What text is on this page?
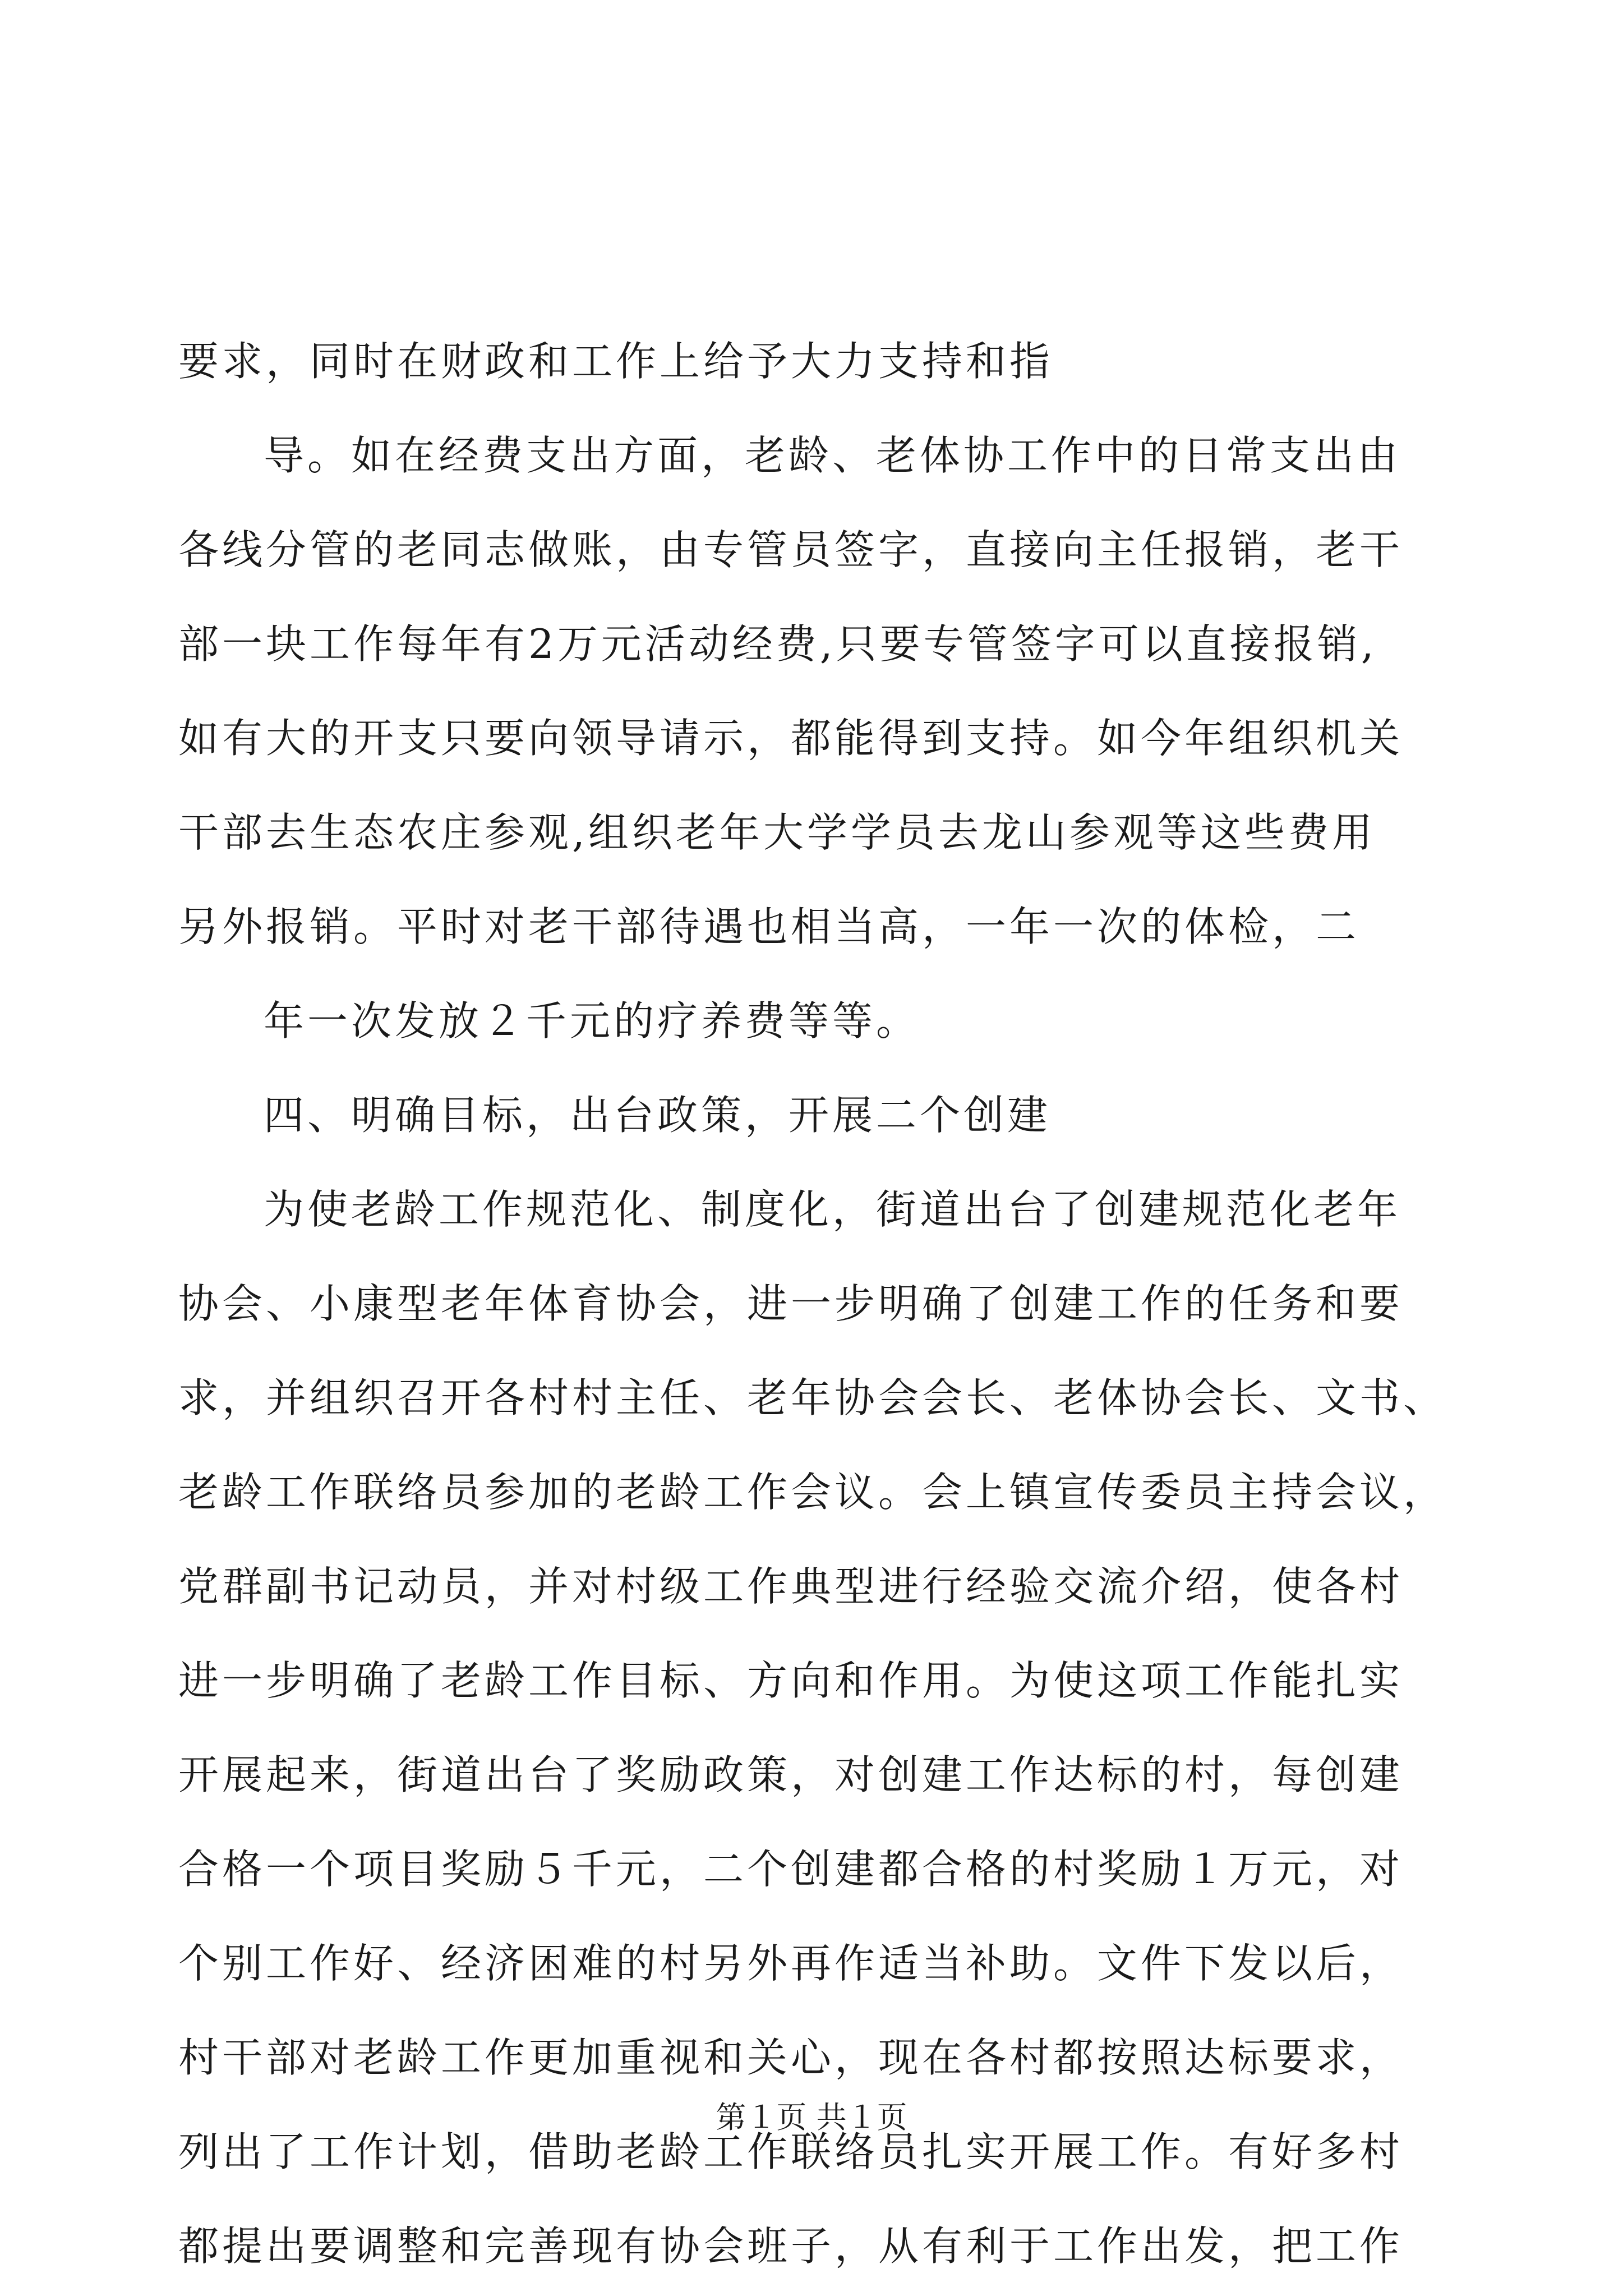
要求，同时在财政和工作上给予大力支持和指
导。如在经费支出方面，老龄、老体协工作中的日常支出由
各线分管的老同志做账，由专管员签字，直接向主任报销，老干
部一块工作每年有2万元活动经费,只要专管签字可以直接报销,
如有大的开支只要向领导请示，都能得到支持。如今年组织机关
干部去生态农庄参观,组织老年大学学员去龙山参观等这些费用
另外报销。平时对老干部待遇也相当高，一年一次的体检，二
年一次发放２千元的疗养费等等。
四、明确目标，出台政策，开展二个创建
为使老龄工作规范化、制度化，街道出台了创建规范化老年
协会、小康型老年体育协会，进一步明确了创建工作的任务和要
求，并组织召开各村村主任、老年协会会长、老体协会长、文书、
老龄工作联络员参加的老龄工作会议。会上镇宣传委员主持会议，
党群副书记动员，并对村级工作典型进行经验交流介绍，使各村
进一步明确了老龄工作目标、方向和作用。为使这项工作能扎实
开展起来，街道出台了奖励政策，对创建工作达标的村，每创建
合格一个项目奖励５千元，二个创建都合格的村奖励１万元，对
个别工作好、经济困难的村另外再作适当补助。文件下发以后，
村干部对老龄工作更加重视和关心，现在各村都按照达标要求，
列出了工作计划，借助老龄工作联络员扎实开展工作。有好多村
都提出要调整和完善现有协会班子，从有利于工作出发，把工作
第１页 共１页
